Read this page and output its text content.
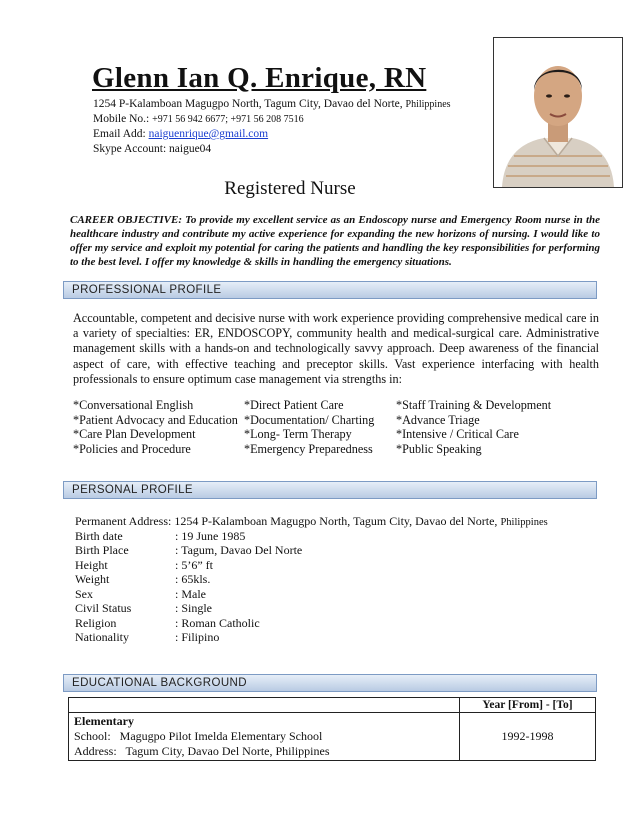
Glenn Ian Q. Enrique, RN
1254 P-Kalamboan Magugpo North, Tagum City, Davao del Norte, Philippines
Mobile No.: +971 56 942 6677; +971 56 208 7516
Email Add: naiguenrique@gmail.com
Skype Account: naigue04
Registered Nurse
CAREER OBJECTIVE: To provide my excellent service as an Endoscopy nurse and Emergency Room nurse in the healthcare industry and contribute my active experience for expanding the new horizons of nursing. I would like to offer my service and exploit my potential for caring the patients and handling the key responsibilities for performing to the best level. I offer my knowledge & skills in handling the emergency situations.
PROFESSIONAL PROFILE
Accountable, competent and decisive nurse with work experience providing comprehensive medical care in a variety of specialties: ER, ENDOSCOPY, community health and medical-surgical care. Administrative management skills with a hands-on and technologically savvy approach. Deep awareness of the financial aspect of care, with effective teaching and preceptor skills. Vast experience interfacing with health professionals to ensure optimum case management via strengths in:
*Conversational English	*Direct Patient Care	*Staff Training & Development
*Patient Advocacy and Education *Documentation/ Charting *Advance Triage
*Care Plan Development	*Long- Term Therapy	*Intensive / Critical Care
*Policies and Procedure	*Emergency Preparedness *Public Speaking
PERSONAL PROFILE
Permanent Address: 1254 P-Kalamboan Magugpo North, Tagum City, Davao del Norte, Philippines
Birth date	: 19 June 1985
Birth Place	: Tagum, Davao Del Norte
Height	: 5’6” ft
Weight	: 65kls.
Sex	: Male
Civil Status	: Single
Religion	: Roman Catholic
Nationality	: Filipino
EDUCATIONAL BACKGROUND
	Year [From] - [To]

Elementary
School: Magugpo Pilot Imelda Elementary School
Address: Tagum City, Davao Del Norte, Philippines	1992-1998
